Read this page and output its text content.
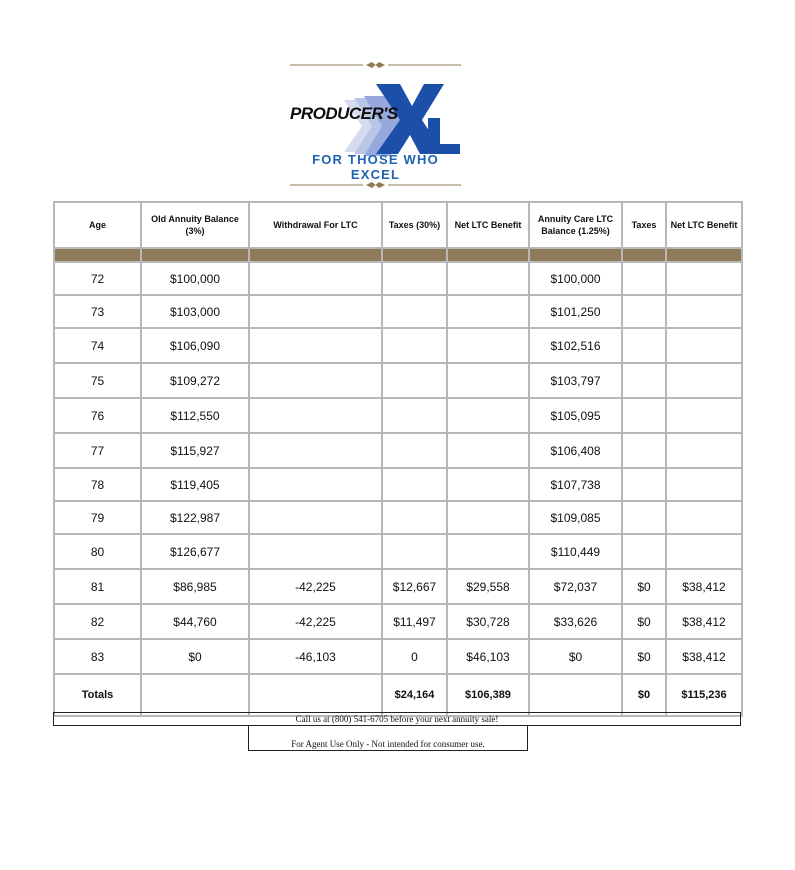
PRODUCER'S
FOR THOSE WHO EXCEL
Age	Old Annuity Balance (3%)	Withdrawal For LTC	Taxes (30%)	Net LTC Benefit	Annuity Care LTC Balance (1.25%)	Taxes	Net LTC Benefit

72	$100,000				$100,000		
73	$103,000				$101,250		
74	$106,090				$102,516		
75	$109,272				$103,797		
76	$112,550				$105,095		
77	$115,927				$106,408		
78	$119,405				$107,738		
79	$122,987				$109,085		
80	$126,677				$110,449		
81	$86,985	-42,225	$12,667	$29,558	$72,037	$0	$38,412
82	$44,760	-42,225	$11,497	$30,728	$33,626	$0	$38,412
83	$0	-46,103	0	$46,103	$0	$0	$38,412
Totals			$24,164	$106,389		$0	$115,236
Call us at (800) 541-6705 before your next annuity sale!
For Agent Use Only - Not intended for consumer use.
